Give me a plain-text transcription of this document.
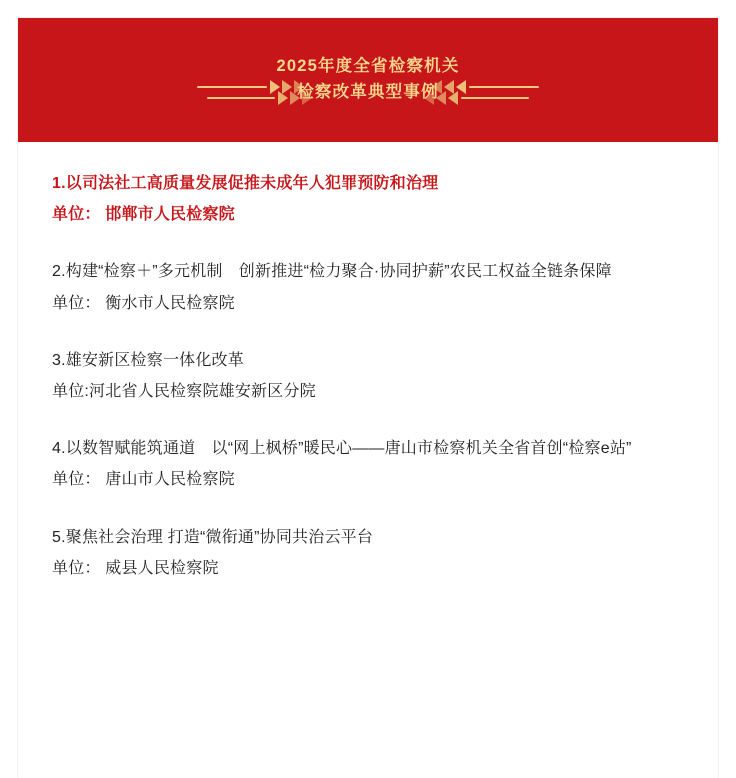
2025年度全省检察机关
检察改革典型事例
1.以司法社工高质量发展促推未成年人犯罪预防和治理
单位： 邯郸市人民检察院
2.构建“检察＋”多元机制　创新推进“检力聚合·协同护薪”农民工权益全链条保障
单位： 衡水市人民检察院
3.雄安新区检察一体化改革
单位:河北省人民检察院雄安新区分院
4.以数智赋能筑通道　以“网上枫桥”暖民心——唐山市检察机关全省首创“检察e站”
单位： 唐山市人民检察院
5.聚焦社会治理 打造“微衔通”协同共治云平台
单位： 威县人民检察院
